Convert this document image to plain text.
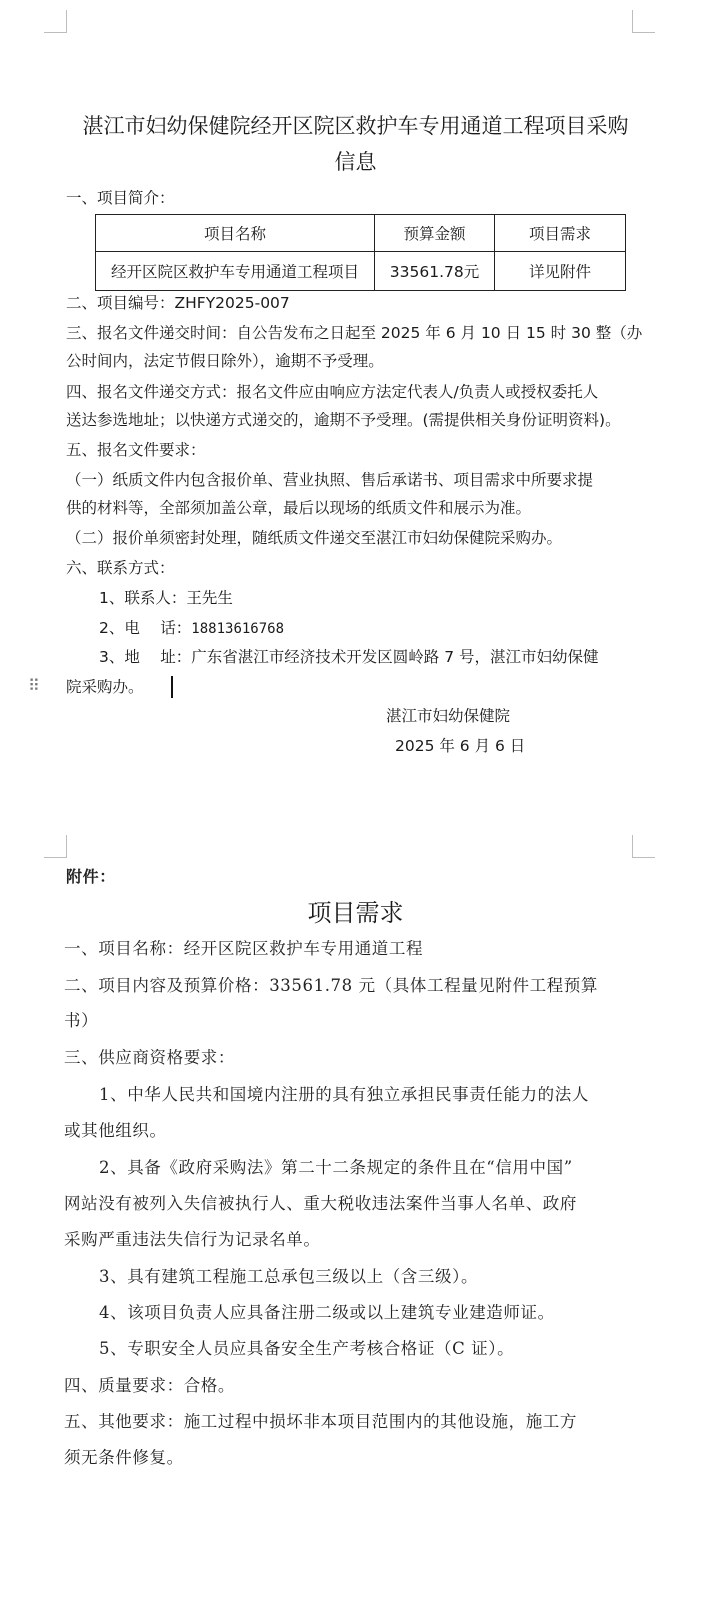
湛江市妇幼保健院经开区院区救护车专用通道工程项目采购
信息
一、项目简介：
项目名称	预算金额	项目需求
经开区院区救护车专用通道工程项目	33561.78元	详见附件
二、项目编号：ZHFY2025-007
三、报名文件递交时间：自公告发布之日起至 2025 年 6 月 10 日 15 时 30 整（办
公时间内，法定节假日除外），逾期不予受理。
四、报名文件递交方式：报名文件应由响应方法定代表人/负责人或授权委托人
送达参选地址；以快递方式递交的，逾期不予受理。(需提供相关身份证明资料)。
五、报名文件要求：
（一）纸质文件内包含报价单、营业执照、售后承诺书、项目需求中所要求提
供的材料等，全部须加盖公章，最后以现场的纸质文件和展示为准。
（二）报价单须密封处理，随纸质文件递交至湛江市妇幼保健院采购办。
六、联系方式：
1、联系人：王先生
2、电　 话：18813616768
3、地　 址：广东省湛江市经济技术开发区圆岭路 7 号，湛江市妇幼保健
⠿ 院采购办。
湛江市妇幼保健院
2025 年 6 月 6 日
附件：
项目需求
一、项目名称：经开区院区救护车专用通道工程
二、项目内容及预算价格：33561.78 元（具体工程量见附件工程预算
书）
三、供应商资格要求：
1、中华人民共和国境内注册的具有独立承担民事责任能力的法人
或其他组织。
2、具备《政府采购法》第二十二条规定的条件且在“信用中国”
网站没有被列入失信被执行人、重大税收违法案件当事人名单、政府
采购严重违法失信行为记录名单。
3、具有建筑工程施工总承包三级以上（含三级）。
4、该项目负责人应具备注册二级或以上建筑专业建造师证。
5、专职安全人员应具备安全生产考核合格证（C 证）。
四、质量要求：合格。
五、其他要求：施工过程中损坏非本项目范围内的其他设施，施工方
须无条件修复。
